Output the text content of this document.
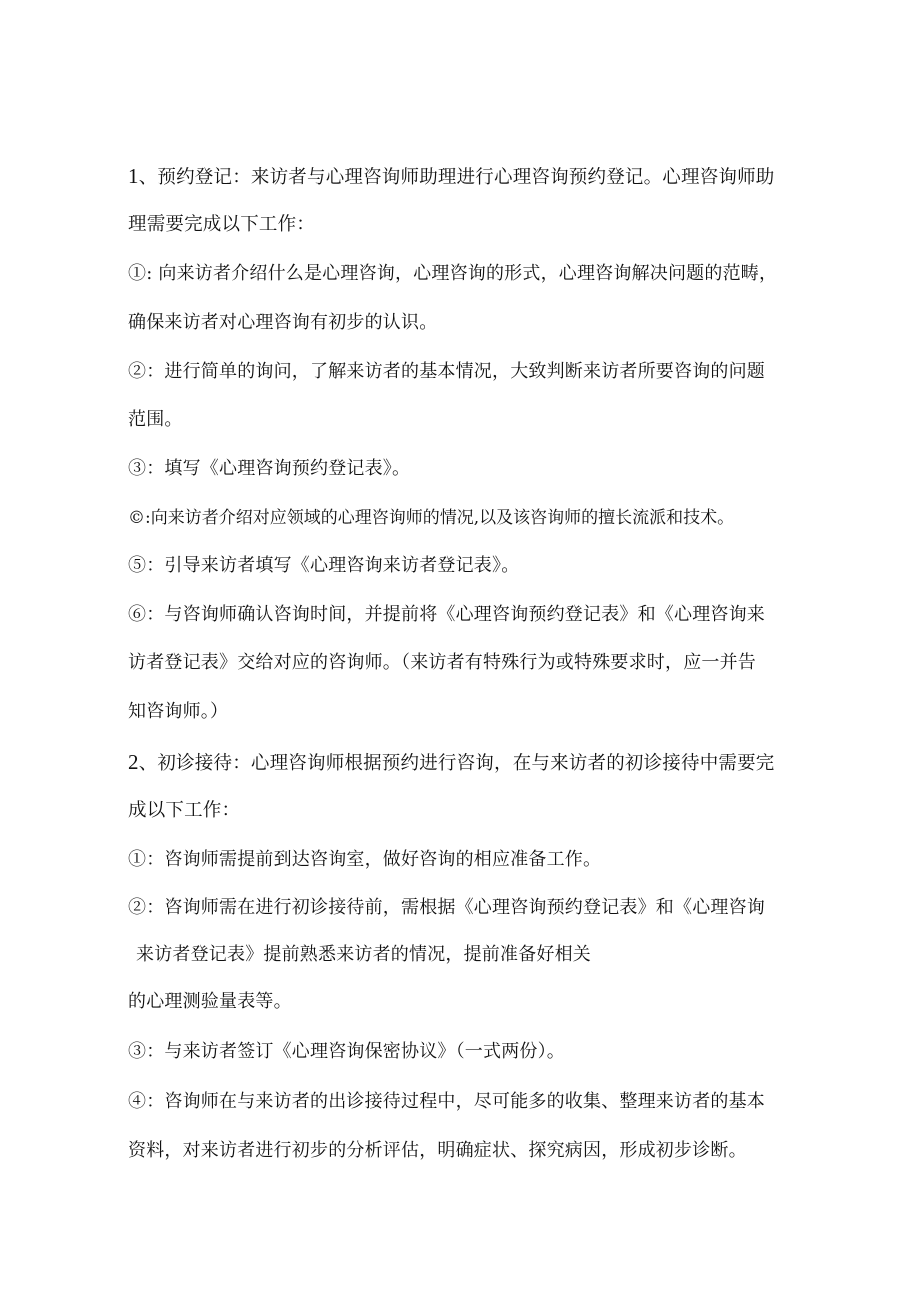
1、预约登记：来访者与心理咨询师助理进行心理咨询预约登记。心理咨询师助
理需要完成以下工作：
①: 向来访者介绍什么是心理咨询，心理咨询的形式，心理咨询解决问题的范畴，
确保来访者对心理咨询有初步的认识。
②：进行简单的询问，了解来访者的基本情况，大致判断来访者所要咨询的问题
范围。
③：填写《心理咨询预约登记表》。
©:向来访者介绍对应领域的心理咨询师的情况,以及该咨询师的擅长流派和技术。
⑤：引导来访者填写《心理咨询来访者登记表》。
⑥：与咨询师确认咨询时间，并提前将《心理咨询预约登记表》和《心理咨询来
访者登记表》交给对应的咨询师。（来访者有特殊行为或特殊要求时，应一并告
知咨询师。）
2、初诊接待：心理咨询师根据预约进行咨询，在与来访者的初诊接待中需要完
成以下工作：
①：咨询师需提前到达咨询室，做好咨询的相应准备工作。
②：咨询师需在进行初诊接待前，需根据《心理咨询预约登记表》和《心理咨询
来访者登记表》提前熟悉来访者的情况，提前准备好相关
的心理测验量表等。
③：与来访者签订《心理咨询保密协议》（一式两份）。
④：咨询师在与来访者的出诊接待过程中，尽可能多的收集、整理来访者的基本
资料，对来访者进行初步的分析评估，明确症状、探究病因，形成初步诊断。
